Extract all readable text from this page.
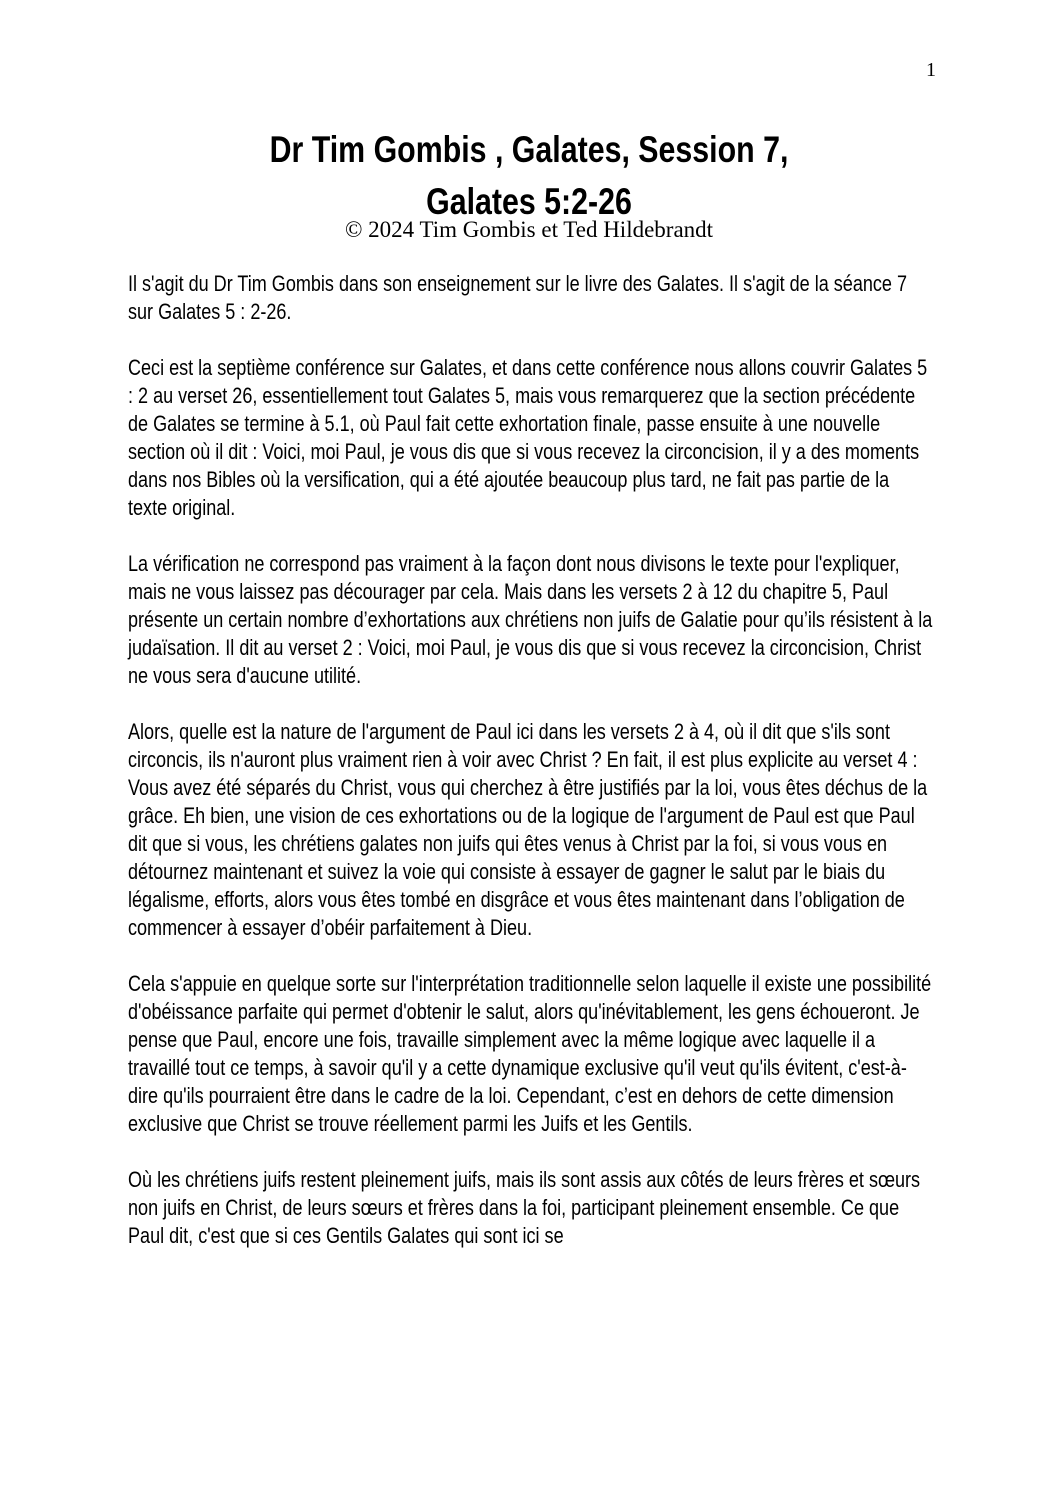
1
Dr Tim Gombis , Galates, Session 7,
Galates 5:2-26
© 2024 Tim Gombis et Ted Hildebrandt

Il s'agit du Dr Tim Gombis dans son enseignement sur le livre des Galates. Il s'agit de la séance 7 sur Galates 5 : 2-26.

Ceci est la septième conférence sur Galates, et dans cette conférence nous allons couvrir Galates 5 : 2 au verset 26, essentiellement tout Galates 5, mais vous remarquerez que la section précédente de Galates se termine à 5.1, où Paul fait cette exhortation finale, passe ensuite à une nouvelle section où il dit : Voici, moi Paul, je vous dis que si vous recevez la circoncision, il y a des moments dans nos Bibles où la versification, qui a été ajoutée beaucoup plus tard, ne fait pas partie de la texte original.

La vérification ne correspond pas vraiment à la façon dont nous divisons le texte pour l'expliquer, mais ne vous laissez pas décourager par cela. Mais dans les versets 2 à 12 du chapitre 5, Paul présente un certain nombre d’exhortations aux chrétiens non juifs de Galatie pour qu’ils résistent à la judaïsation. Il dit au verset 2 : Voici, moi Paul, je vous dis que si vous recevez la circoncision, Christ ne vous sera d'aucune utilité.

Alors, quelle est la nature de l'argument de Paul ici dans les versets 2 à 4, où il dit que s'ils sont circoncis, ils n'auront plus vraiment rien à voir avec Christ ? En fait, il est plus explicite au verset 4 : Vous avez été séparés du Christ, vous qui cherchez à être justifiés par la loi, vous êtes déchus de la grâce. Eh bien, une vision de ces exhortations ou de la logique de l'argument de Paul est que Paul dit que si vous, les chrétiens galates non juifs qui êtes venus à Christ par la foi, si vous vous en détournez maintenant et suivez la voie qui consiste à essayer de gagner le salut par le biais du légalisme, efforts, alors vous êtes tombé en disgrâce et vous êtes maintenant dans l’obligation de commencer à essayer d’obéir parfaitement à Dieu.

Cela s'appuie en quelque sorte sur l'interprétation traditionnelle selon laquelle il existe une possibilité d'obéissance parfaite qui permet d'obtenir le salut, alors qu'inévitablement, les gens échoueront. Je pense que Paul, encore une fois, travaille simplement avec la même logique avec laquelle il a travaillé tout ce temps, à savoir qu'il y a cette dynamique exclusive qu'il veut qu'ils évitent, c'est-à-dire qu'ils pourraient être dans le cadre de la loi. Cependant, c’est en dehors de cette dimension exclusive que Christ se trouve réellement parmi les Juifs et les Gentils.

Où les chrétiens juifs restent pleinement juifs, mais ils sont assis aux côtés de leurs frères et sœurs non juifs en Christ, de leurs sœurs et frères dans la foi, participant pleinement ensemble. Ce que Paul dit, c'est que si ces Gentils Galates qui sont ici se
